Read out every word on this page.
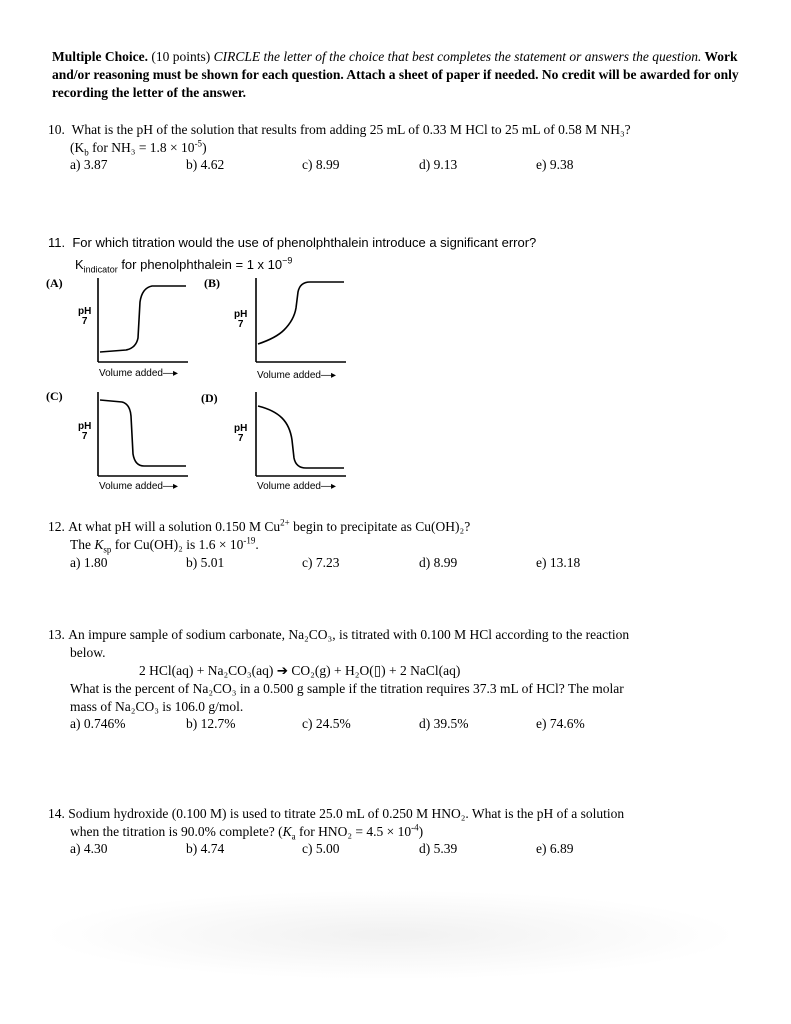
Multiple Choice. (10 points) CIRCLE the letter of the choice that best completes the statement or answers the question. Work and/or reasoning must be shown for each question. Attach a sheet of paper if needed. No credit will be awarded for only recording the letter of the answer.
10. What is the pH of the solution that results from adding 25 mL of 0.33 M HCl to 25 mL of 0.58 M NH₃?
($K_b$ for $NH_3 = 1.8 \times 10^{-5}$)
a) 3.87	b) 4.62	c) 8.99	d) 9.13	e) 9.38
11. For which titration would the use of phenolphthalein introduce a significant error?
$K_{indicator}$ for phenolphthalein = 1 x $10^{-9}$
(A)
pH
7
Volume added—▸
(B)
pH
7
Volume added—▸
(C)
pH
7
Volume added—▸
(D)
pH
7
Volume added—▸
12. At what pH will a solution 0.150 M $Cu^{2+}$ begin to precipitate as Cu(OH)₂?
The $K_{sp}$ for Cu(OH)₂ is $1.6 \times 10^{-19}$.
a) 1.80	b) 5.01	c) 7.23	d) 8.99	e) 13.18
13. An impure sample of sodium carbonate, Na₂CO₃, is titrated with 0.100 M HCl according to the reaction
below.
2 HCl(aq) + Na₂CO₃(aq) ➔ CO₂(g) + H₂O(▯) + 2 NaCl(aq)
What is the percent of Na₂CO₃ in a 0.500 g sample if the titration requires 37.3 mL of HCl? The molar
mass of Na₂CO₃ is 106.0 g/mol.
a) 0.746%	b) 12.7%	c) 24.5%	d) 39.5%	e) 74.6%
14. Sodium hydroxide (0.100 M) is used to titrate 25.0 mL of 0.250 M HNO₂. What is the pH of a solution
when the titration is 90.0% complete? ($K_a$ for $HNO_2 = 4.5 \times 10^{-4}$)
a) 4.30	b) 4.74	c) 5.00	d) 5.39	e) 6.89
